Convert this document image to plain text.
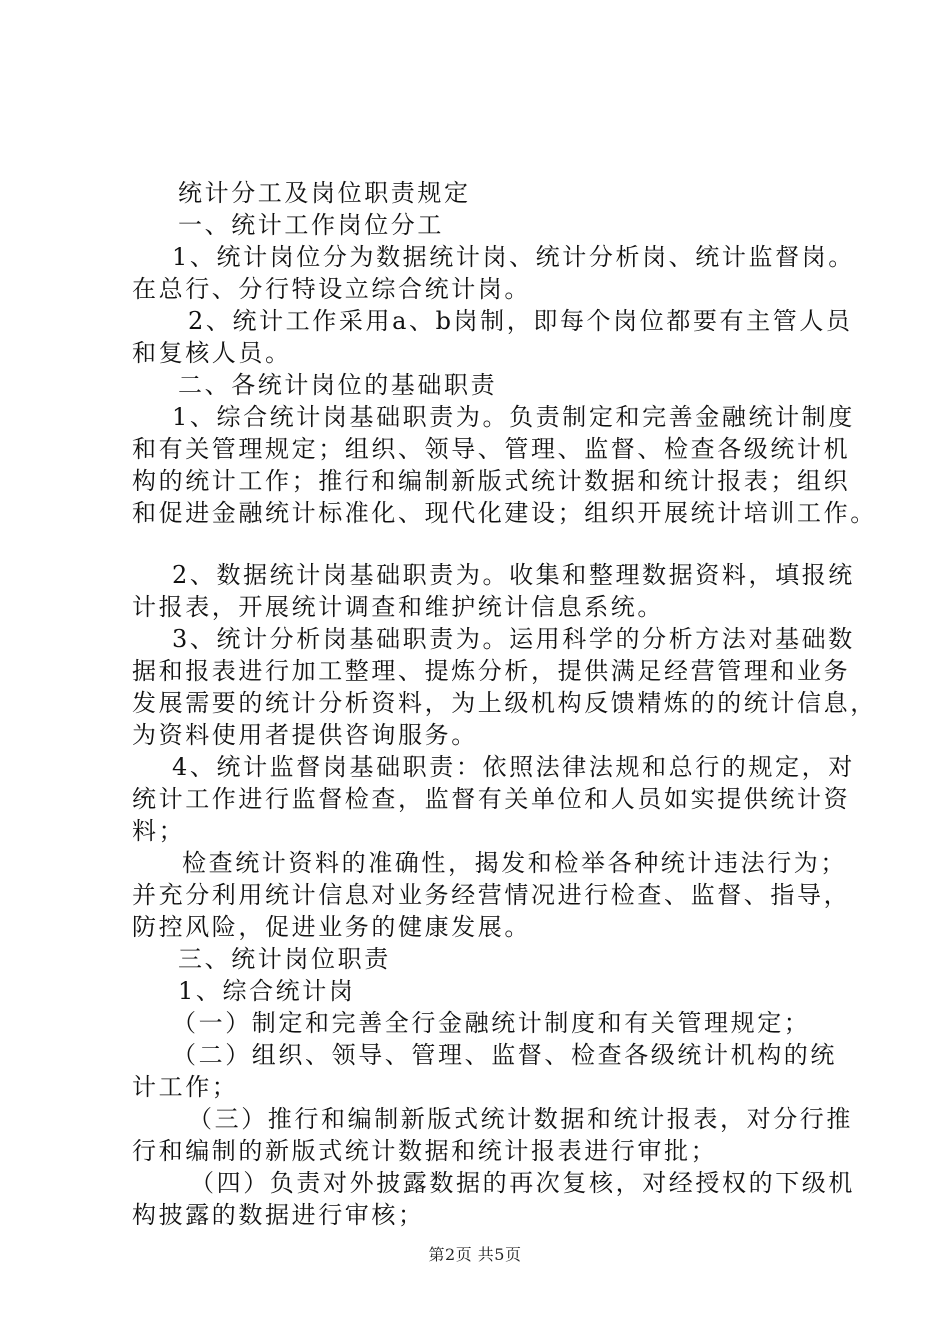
统计分工及岗位职责规定
一、统计工作岗位分工
1、统计岗位分为数据统计岗、统计分析岗、统计监督岗。
在总行、分行特设立综合统计岗。
2、统计工作采用a、b岗制，即每个岗位都要有主管人员
和复核人员。
二、各统计岗位的基础职责
1、综合统计岗基础职责为。负责制定和完善金融统计制度
和有关管理规定；组织、领导、管理、监督、检查各级统计机
构的统计工作；推行和编制新版式统计数据和统计报表；组织
和促进金融统计标准化、现代化建设；组织开展统计培训工作。
2、数据统计岗基础职责为。收集和整理数据资料，填报统
计报表，开展统计调查和维护统计信息系统。
3、统计分析岗基础职责为。运用科学的分析方法对基础数
据和报表进行加工整理、提炼分析，提供满足经营管理和业务
发展需要的统计分析资料，为上级机构反馈精炼的的统计信息，
为资料使用者提供咨询服务。
4、统计监督岗基础职责：依照法律法规和总行的规定，对
统计工作进行监督检查，监督有关单位和人员如实提供统计资
料；
检查统计资料的准确性，揭发和检举各种统计违法行为；
并充分利用统计信息对业务经营情况进行检查、监督、指导，
防控风险，促进业务的健康发展。
三、统计岗位职责
1、综合统计岗
（一）制定和完善全行金融统计制度和有关管理规定；
（二）组织、领导、管理、监督、检查各级统计机构的统
计工作；
（三）推行和编制新版式统计数据和统计报表，对分行推
行和编制的新版式统计数据和统计报表进行审批；
（四）负责对外披露数据的再次复核，对经授权的下级机
构披露的数据进行审核；
第2页 共5页
